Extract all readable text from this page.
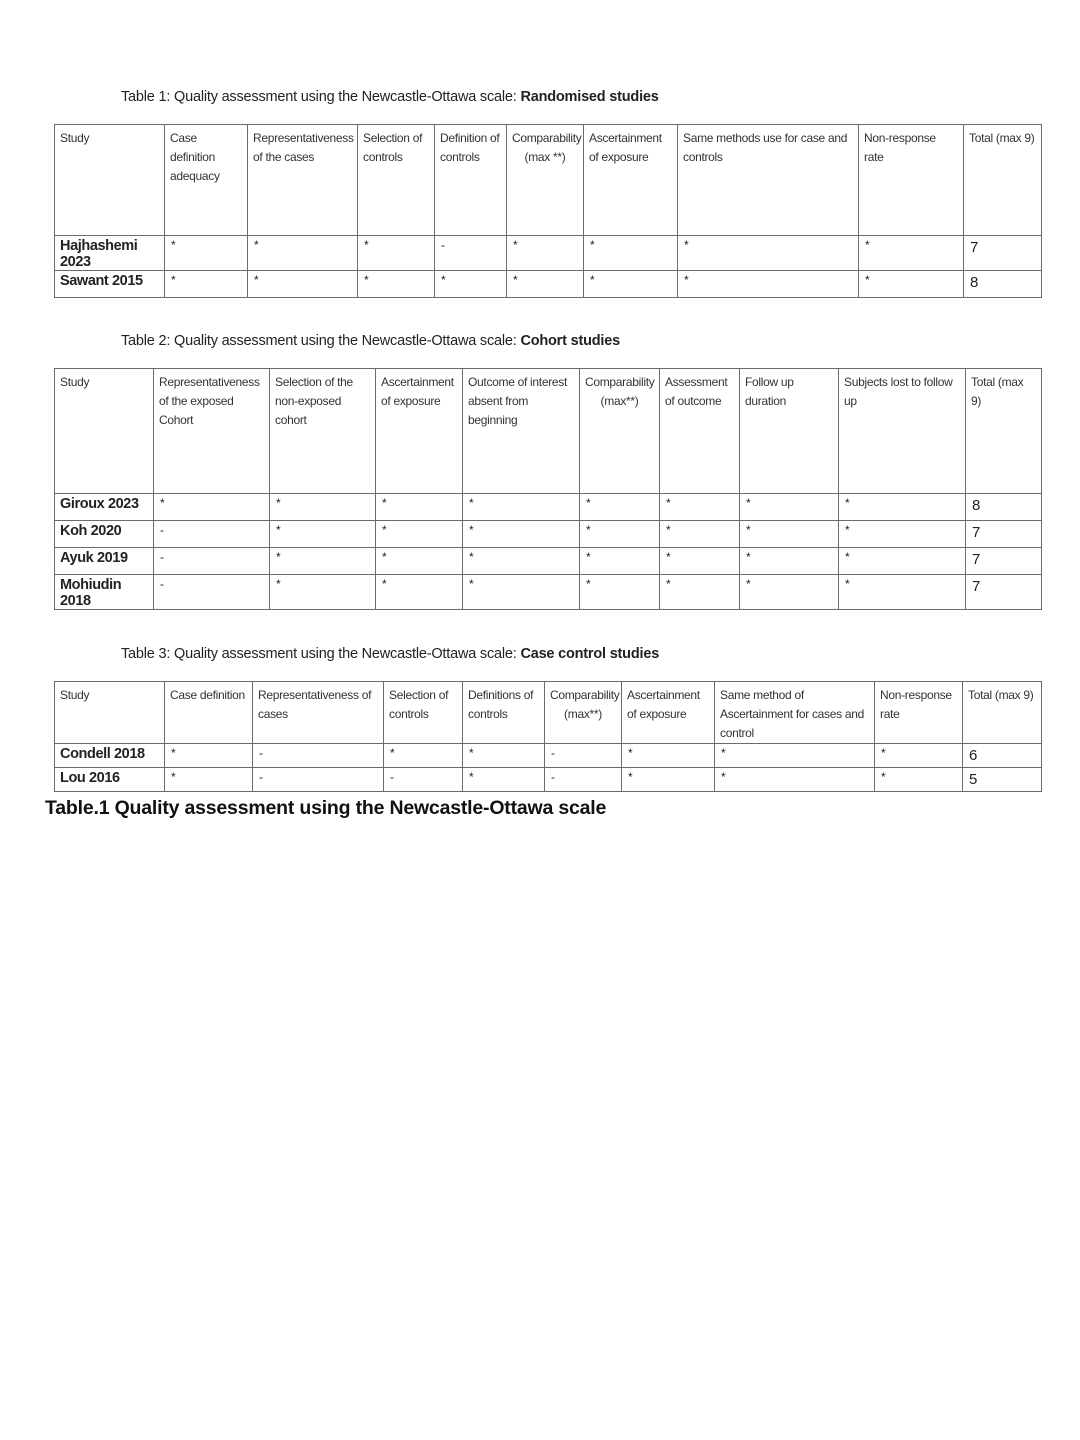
Table 1: Quality assessment using the Newcastle-Ottawa scale: Randomised studies
Study	Case definition adequacy	Representativeness of the cases	Selection of controls	Definition of controls	Comparability (max **)	Ascertainment of exposure	Same methods use for case and controls	Non-response rate	Total (max 9)
Hajhashemi 2023	*	*	*	-	*	*	*	*	7
Sawant 2015	*	*	*	*	*	*	*	*	8
Table 2: Quality assessment using the Newcastle-Ottawa scale: Cohort studies
Study	Representativeness of the exposed Cohort	Selection of the non-exposed cohort	Ascertainment of exposure	Outcome of interest absent from beginning	Comparability (max**)	Assessment of outcome	Follow up duration	Subjects lost to follow up	Total (max 9)
Giroux 2023	*	*	*	*	*	*	*	*	8
Koh 2020	-	*	*	*	*	*	*	*	7
Ayuk 2019	-	*	*	*	*	*	*	*	7
Mohiudin 2018	-	*	*	*	*	*	*	*	7
Table 3: Quality assessment using the Newcastle-Ottawa scale: Case control studies
Study	Case definition	Representativeness of cases	Selection of controls	Definitions of controls	Comparability (max**)	Ascertainment of exposure	Same method of Ascertainment for cases and control	Non-response rate	Total (max 9)
Condell 2018	*	-	*	*	-	*	*	*	6
Lou 2016	*	-	-	*	-	*	*	*	5
Table.1 Quality assessment using the Newcastle-Ottawa scale
